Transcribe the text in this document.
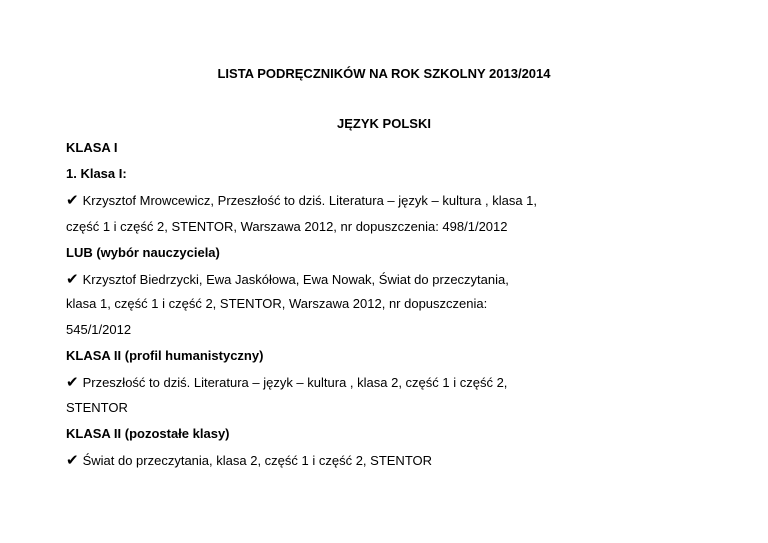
LISTA PODRĘCZNIKÓW NA ROK SZKOLNY 2013/2014
JĘZYK POLSKI
KLASA I
1. Klasa I:
✔ Krzysztof Mrowcewicz, Przeszłość to dziś. Literatura – język – kultura , klasa 1,
część 1 i część 2, STENTOR, Warszawa 2012, nr dopuszczenia: 498/1/2012
LUB (wybór nauczyciela)
✔ Krzysztof Biedrzycki, Ewa Jaskółowa, Ewa Nowak, Świat do przeczytania,
klasa 1, część 1 i część 2, STENTOR, Warszawa 2012, nr dopuszczenia:
545/1/2012
KLASA II (profil humanistyczny)
✔ Przeszłość to dziś. Literatura – język – kultura , klasa 2, część 1 i część 2,
STENTOR
KLASA II (pozostałe klasy)
✔ Świat do przeczytania, klasa 2, część 1 i część 2, STENTOR
